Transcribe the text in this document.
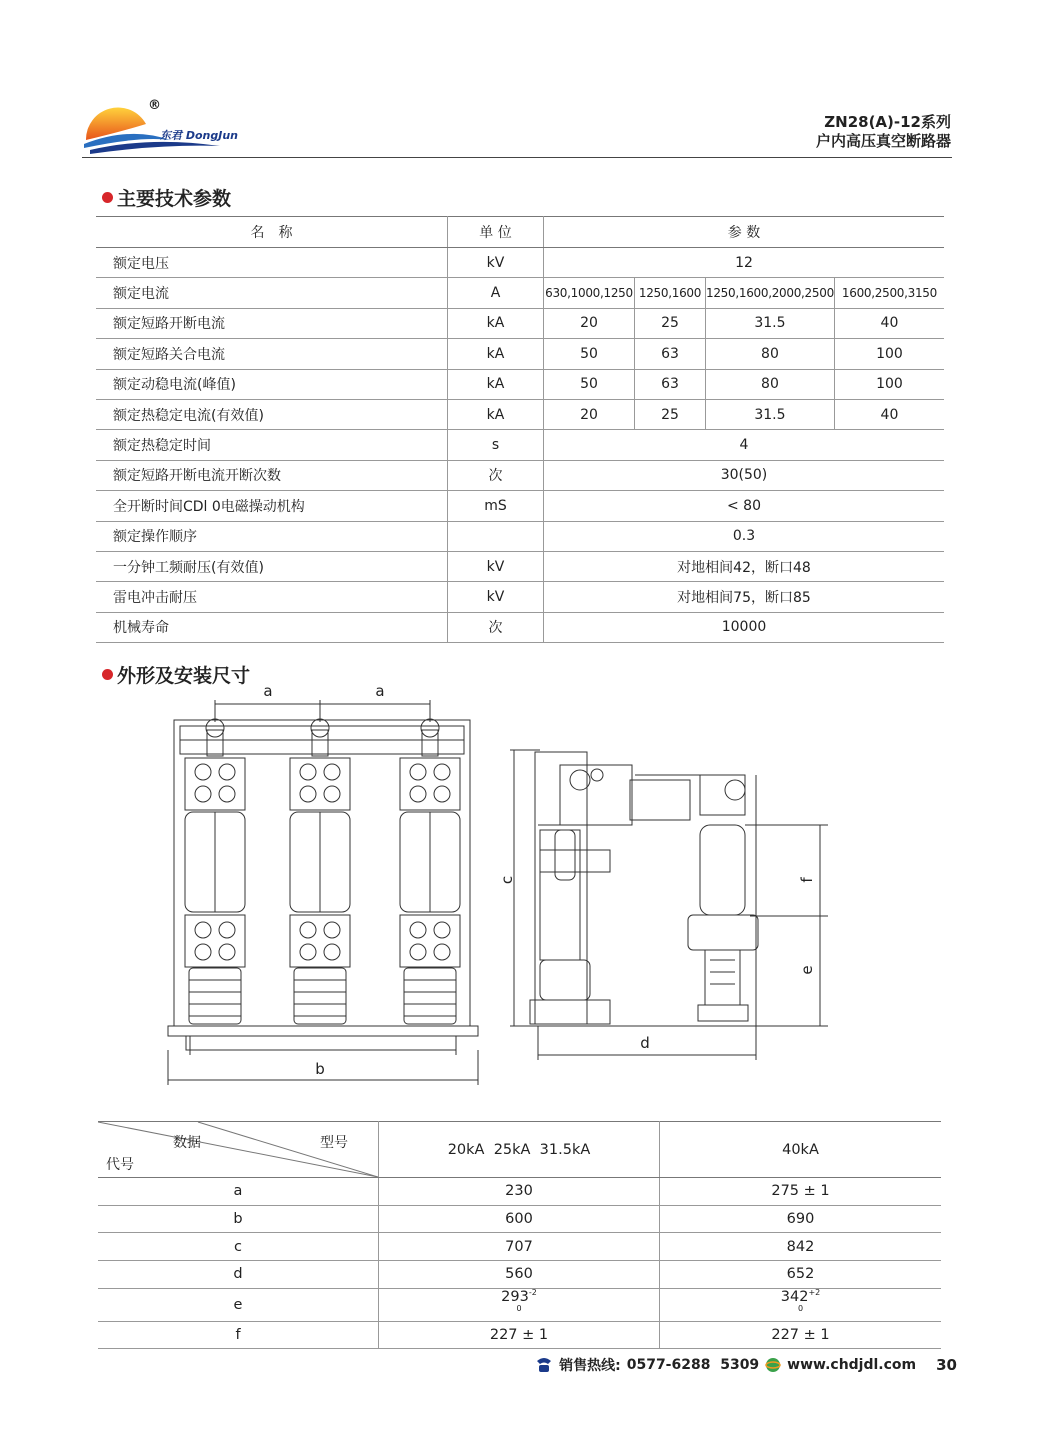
®
东君 DongJun
ZN28(A)-12系列
户内高压真空断路器
主要技术参数
名　称	单 位	参 数			
额定电压	kV	12			
额定电流	A	630,1000,1250	1250,1600	1250,1600,2000,2500	1600,2500,3150
额定短路开断电流	kA	20	25	31.5	40
额定短路关合电流	kA	50	63	80	100
额定动稳电流(峰值)	kA	50	63	80	100
额定热稳定电流(有效值)	kA	20	25	31.5	40
额定热稳定时间	s	4			
额定短路开断电流开断次数	次	30(50)			
全开断时间CDl 0电磁操动机构	mS	< 80			
额定操作顺序		0.3			
一分钟工频耐压(有效值)	kV	对地相间42，断口48			
雷电冲击耐压	kV	对地相间75，断口85			
机械寿命	次	10000			
外形及安装尺寸
a	a
b
c	f
e
d
数据 型号
代号	20kA  25kA  31.5kA	40kA
a	230	275 ± 1
b	600	690
c	707	842
d	560	652
e	$293^{-2 0}$	$342^{+2 0}$
f	227 ± 1	227 ± 1
销售热线: 0577-6288  5309 www.chdjdl.com 30
